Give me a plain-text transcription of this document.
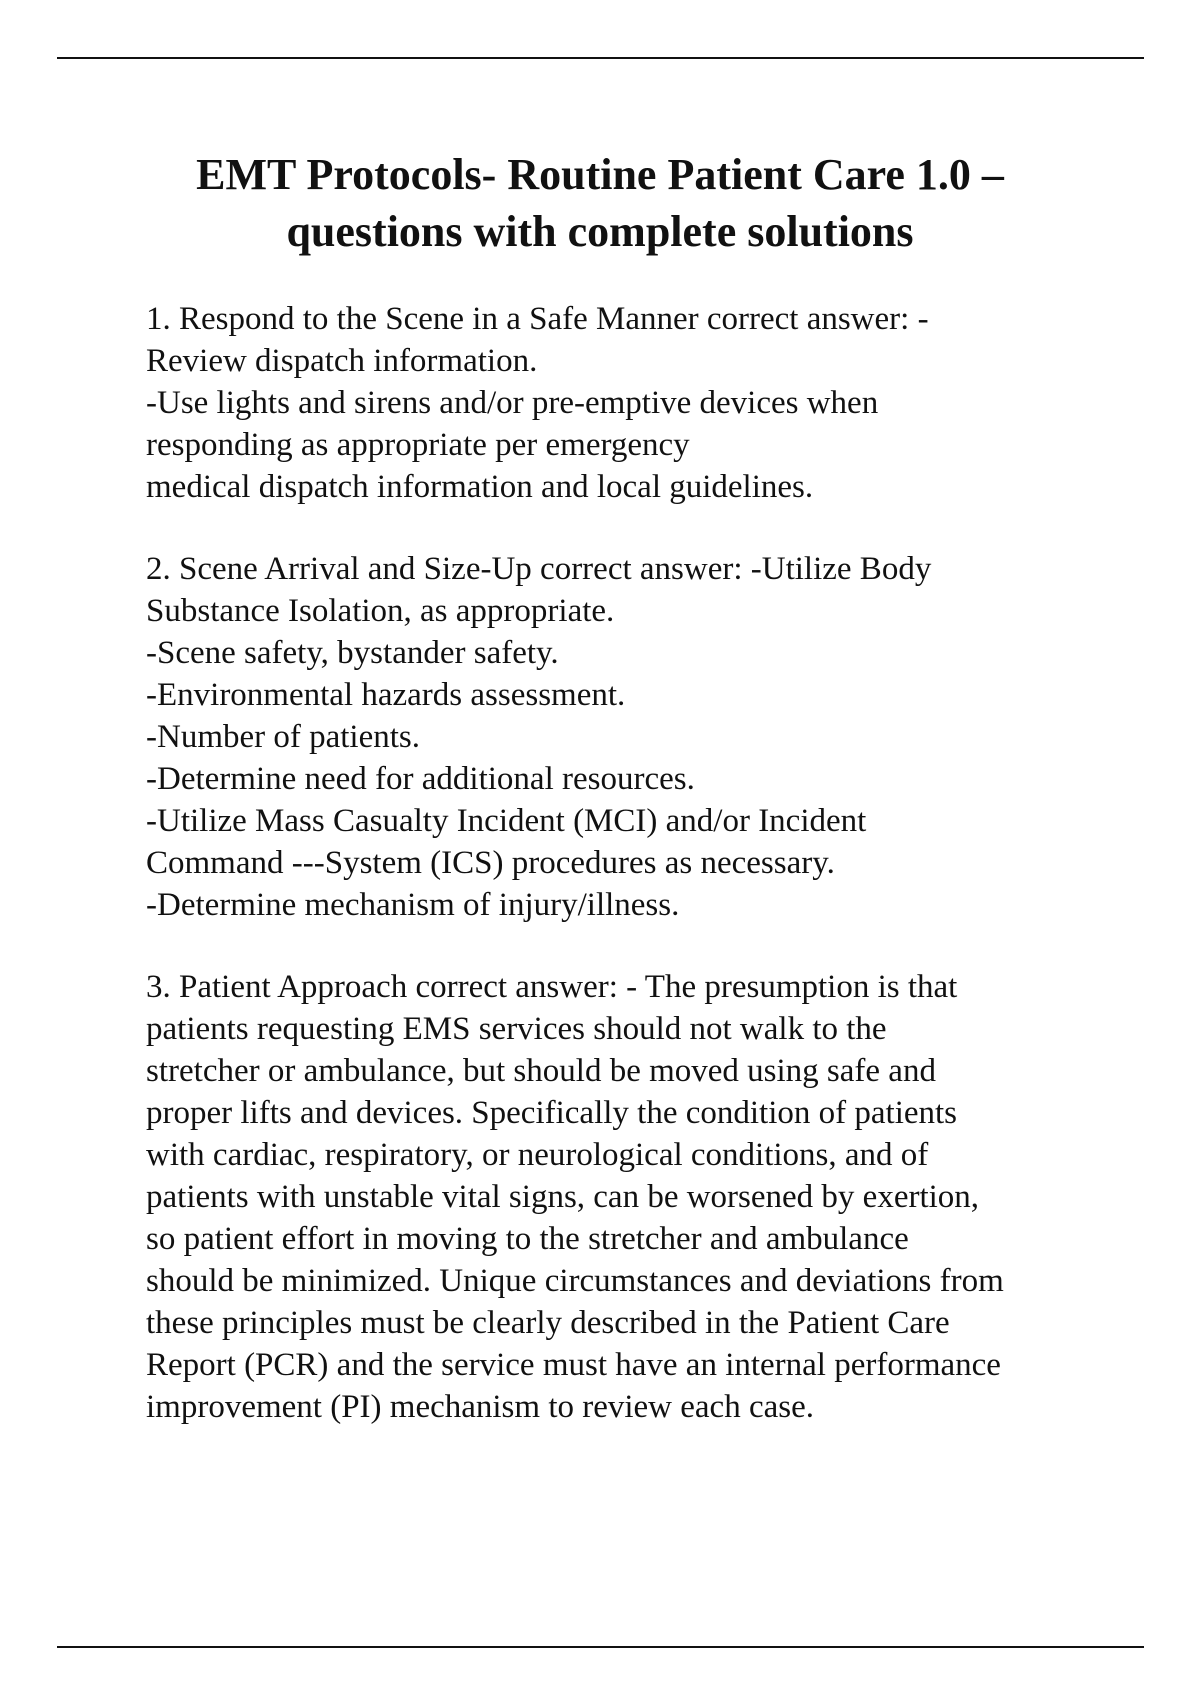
EMT Protocols- Routine Patient Care 1.0 –
questions with complete solutions
1. Respond to the Scene in a Safe Manner correct answer: -
Review dispatch information.
-Use lights and sirens and/or pre-emptive devices when
responding as appropriate per emergency
medical dispatch information and local guidelines.
2. Scene Arrival and Size-Up correct answer: -Utilize Body
Substance Isolation, as appropriate.
-Scene safety, bystander safety.
-Environmental hazards assessment.
-Number of patients.
-Determine need for additional resources.
-Utilize Mass Casualty Incident (MCI) and/or Incident
Command ---System (ICS) procedures as necessary.
-Determine mechanism of injury/illness.
3. Patient Approach correct answer: - The presumption is that
patients requesting EMS services should not walk to the
stretcher or ambulance, but should be moved using safe and
proper lifts and devices. Specifically the condition of patients
with cardiac, respiratory, or neurological conditions, and of
patients with unstable vital signs, can be worsened by exertion,
so patient effort in moving to the stretcher and ambulance
should be minimized. Unique circumstances and deviations from
these principles must be clearly described in the Patient Care
Report (PCR) and the service must have an internal performance
improvement (PI) mechanism to review each case.
